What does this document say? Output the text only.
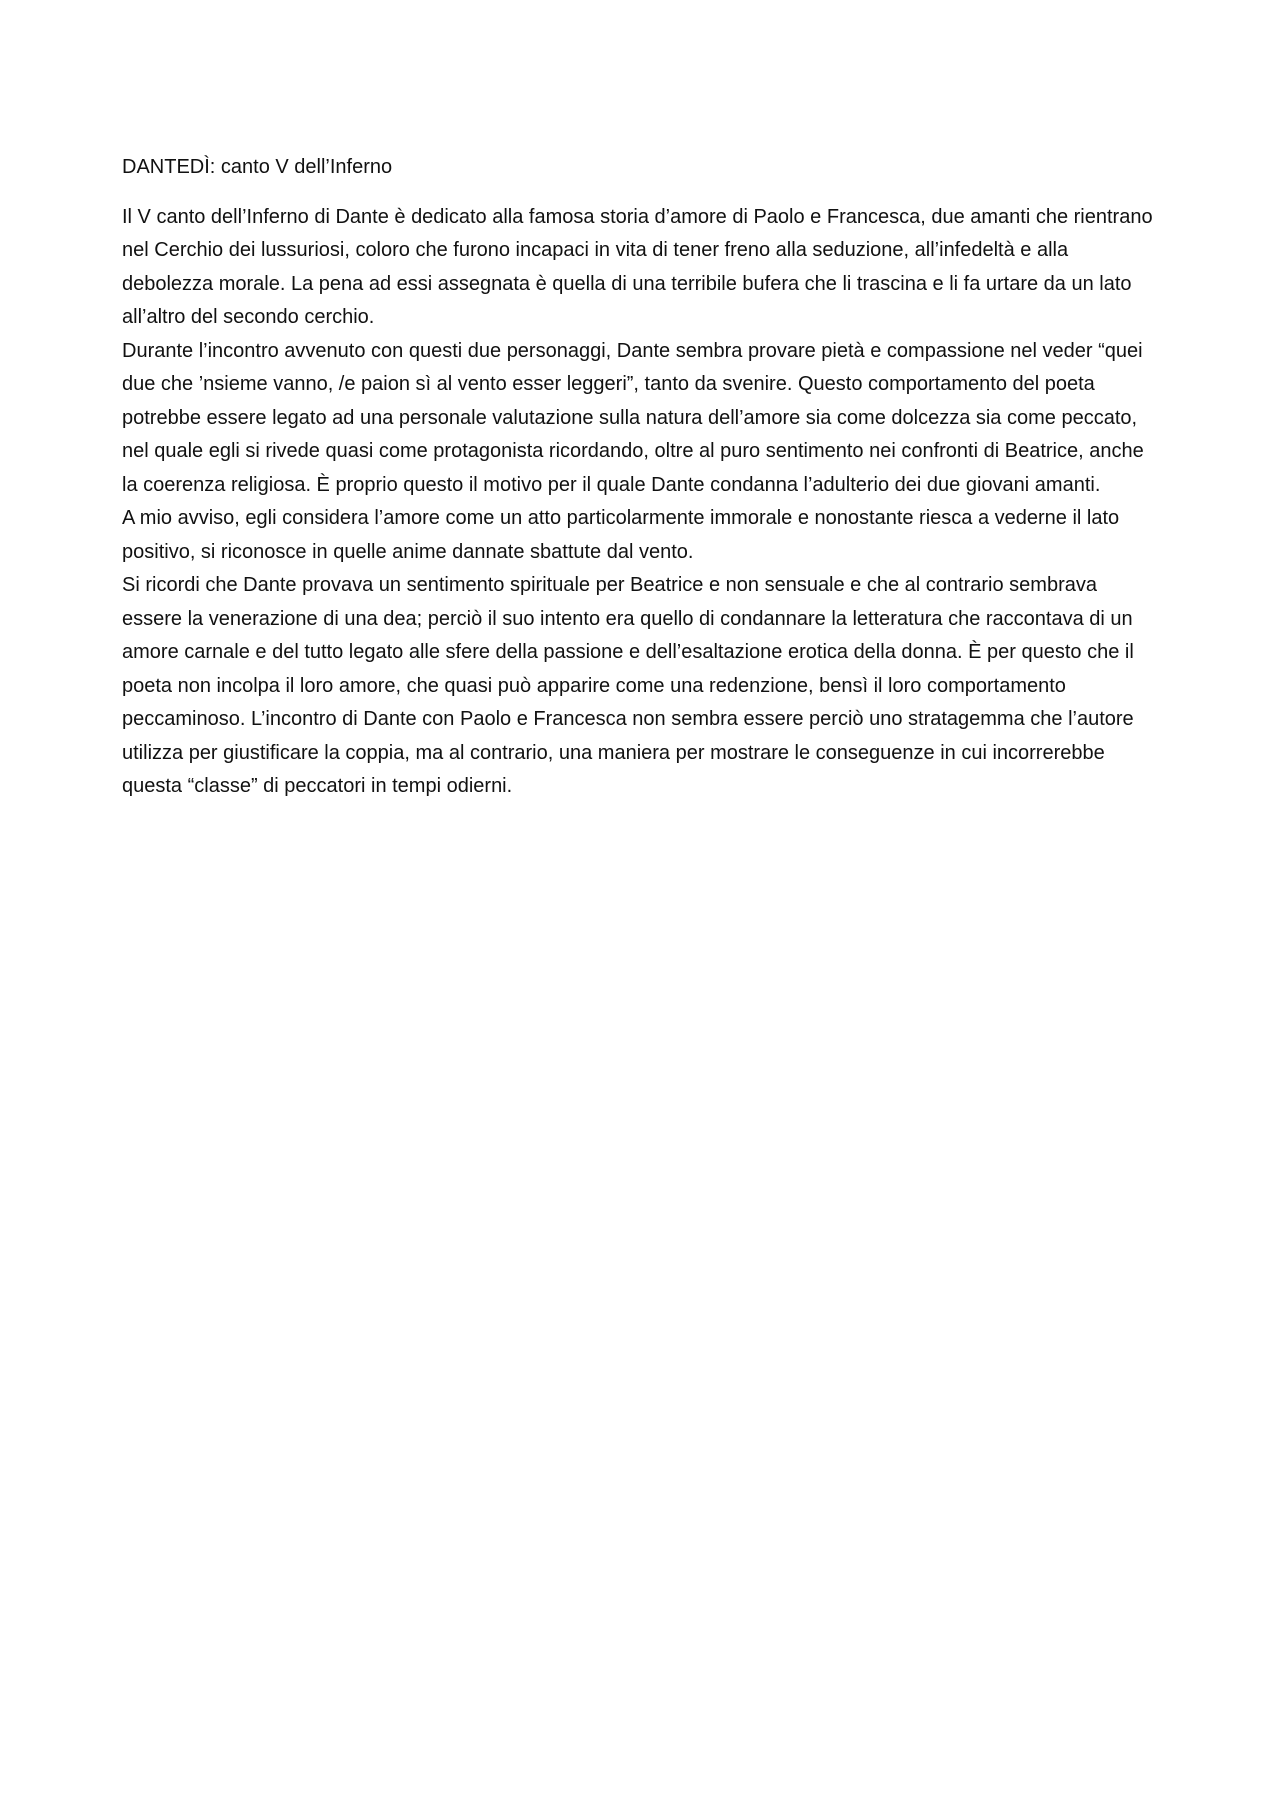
DANTEDÌ: canto V dell’Inferno

Il V canto dell’Inferno di Dante è dedicato alla famosa storia d’amore di Paolo e Francesca, due amanti che rientrano nel Cerchio dei lussuriosi, coloro che furono incapaci in vita di tener freno alla seduzione, all’infedeltà e alla debolezza morale. La pena ad essi assegnata è quella di una terribile bufera che li trascina e li fa urtare da un lato all’altro del secondo cerchio.

Durante l’incontro avvenuto con questi due personaggi, Dante sembra provare pietà e compassione nel veder “quei due che ’nsieme vanno, /e paion sì al vento esser leggeri”, tanto da svenire. Questo comportamento del poeta potrebbe essere legato ad una personale valutazione sulla natura dell’amore sia come dolcezza sia come peccato, nel quale egli si rivede quasi come protagonista ricordando, oltre al puro sentimento nei confronti di Beatrice, anche la coerenza religiosa. È proprio questo il motivo per il quale Dante condanna l’adulterio dei due giovani amanti.

A mio avviso, egli considera l’amore come un atto particolarmente immorale e nonostante riesca a vederne il lato positivo, si riconosce in quelle anime dannate sbattute dal vento.

Si ricordi che Dante provava un sentimento spirituale per Beatrice e non sensuale e che al contrario sembrava essere la venerazione di una dea; perciò il suo intento era quello di condannare la letteratura che raccontava di un amore carnale e del tutto legato alle sfere della passione e dell’esaltazione erotica della donna. È per questo che il poeta non incolpa il loro amore, che quasi può apparire come una redenzione, bensì il loro comportamento peccaminoso. L’incontro di Dante con Paolo e Francesca non sembra essere perciò uno stratagemma che l’autore utilizza per giustificare la coppia, ma al contrario, una maniera per mostrare le conseguenze in cui incorrerebbe questa “classe” di peccatori in tempi odierni.
